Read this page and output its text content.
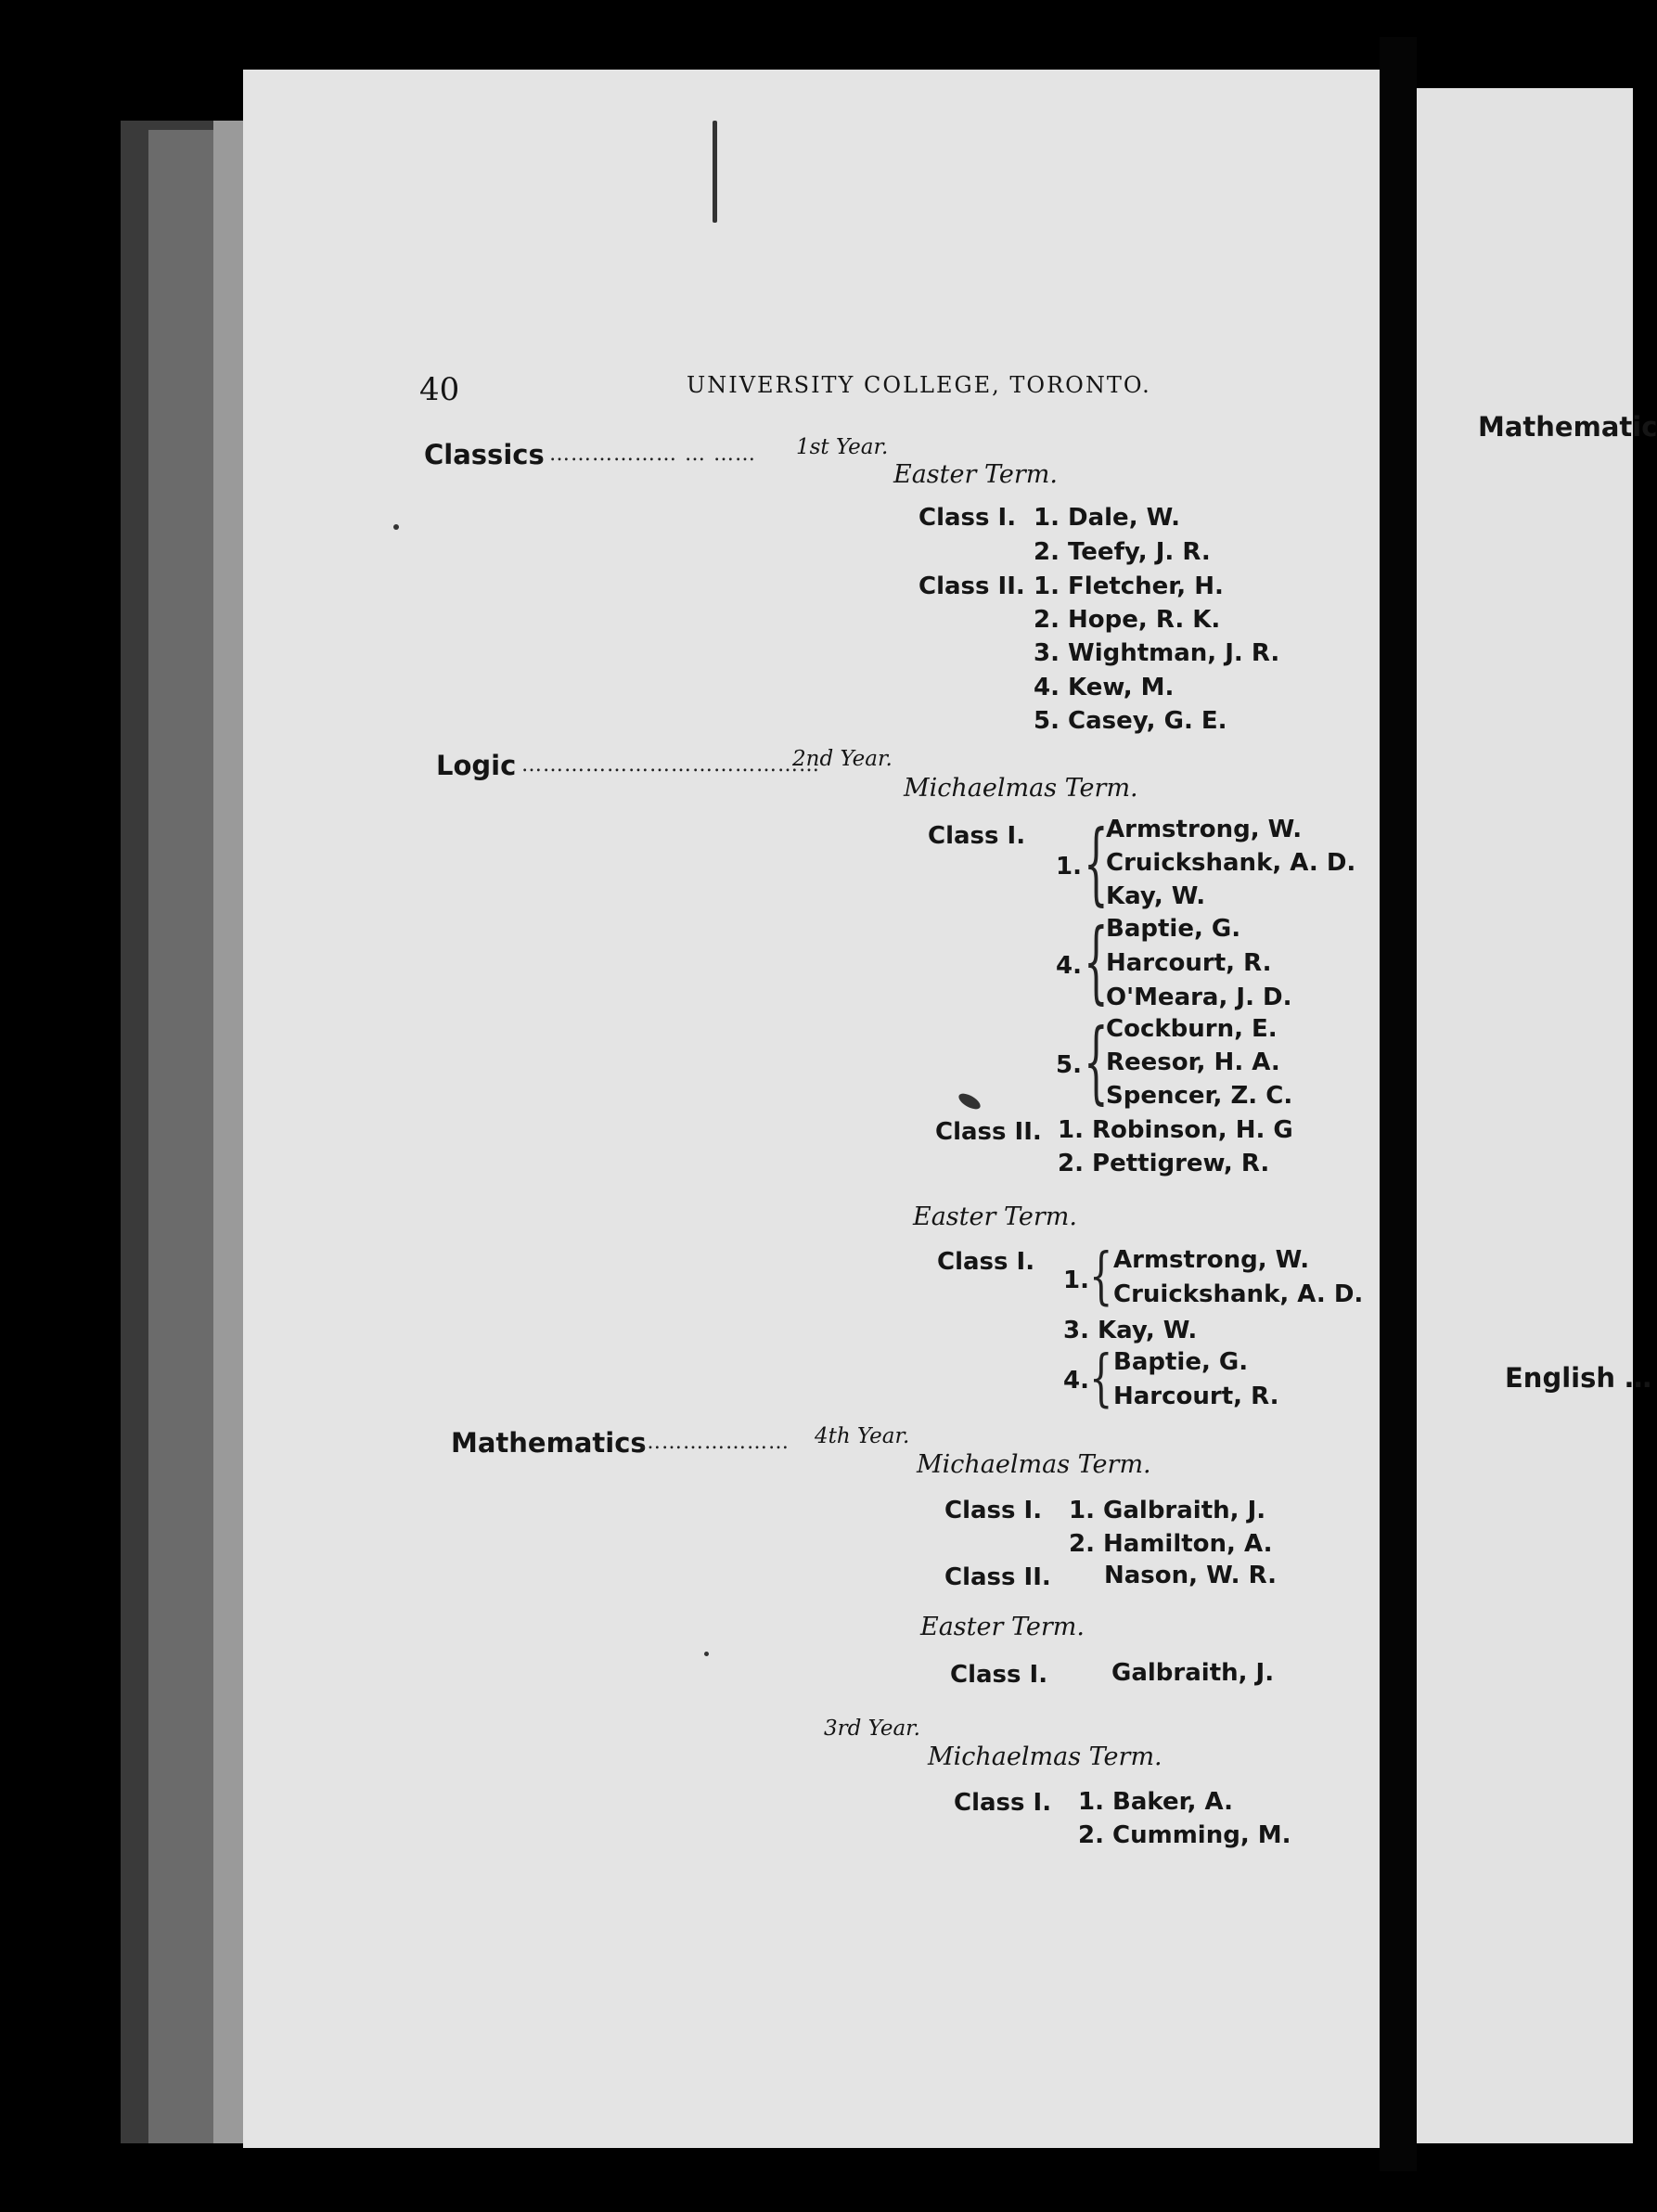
40	UNIVERSITY COLLEGE, TORONTO.
Classics ……………… … …… 1st Year.
Easter Term.
Class I. 1. Dale, W.
2. Teefy, J. R.
Class II. 1. Fletcher, H.
2. Hope, R. K.
3. Wightman, J. R.
4. Kew, M.
5. Casey, G. E.
Logic ……………………………………
2nd Year.
Michaelmas Term.
Class I.
1. {
Armstrong, W.
Cruickshank, A. D.
Kay, W.
4. {
Baptie, G.
Harcourt, R.
O'Meara, J. D.
5. {
Cockburn, E.
Reesor, H. A.
Spencer, Z. C.
Class II. 1. Robinson, H. G
2. Pettigrew, R.
Easter Term.
Class I.
1. { Armstrong, W.
Cruickshank, A. D.
3. Kay, W.
4. { Baptie, G.
Harcourt, R.
Mathematics
………………… 4th Year.
Michaelmas Term.
Class I. 1. Galbraith, J.
2. Hamilton, A.
Class II. Nason, W. R.
Easter Term.
Class I.	Galbraith, J.
3rd Year.
Michaelmas Term.
Class I. 1. Baker, A.
2. Cumming, M.
Mathematic
English …
